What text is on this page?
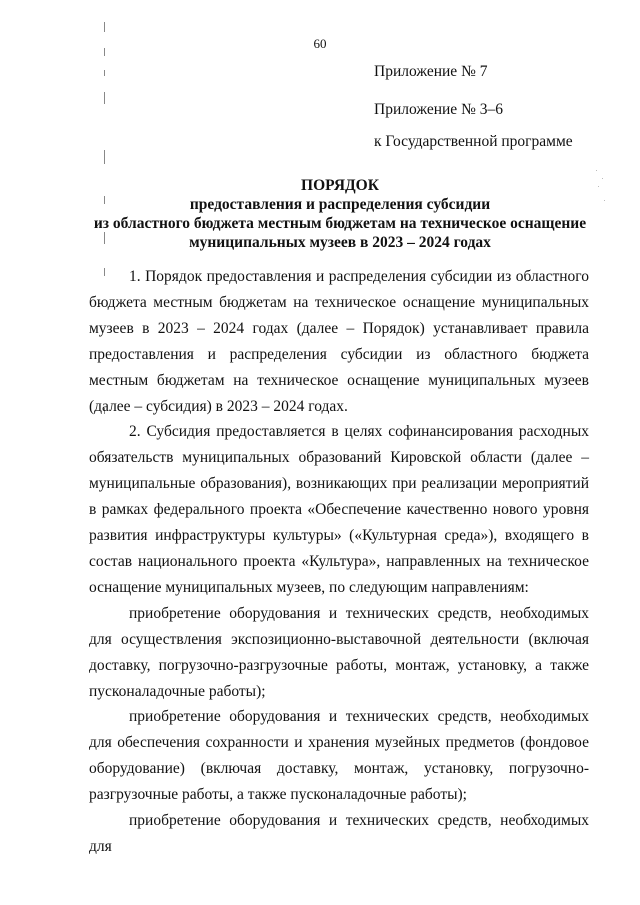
60
Приложение № 7
Приложение № 3–6
к Государственной программе
ПОРЯДОК
предоставления и распределения субсидии
из областного бюджета местным бюджетам на техническое оснащение
муниципальных музеев в 2023 – 2024 годах

1. Порядок предоставления и распределения субсидии из областного бюджета местным бюджетам на техническое оснащение муниципальных музеев в 2023 – 2024 годах (далее – Порядок) устанавливает правила предоставления и распределения субсидии из областного бюджета местным бюджетам на техническое оснащение муниципальных музеев (далее – субсидия) в 2023 – 2024 годах.

2. Субсидия предоставляется в целях софинансирования расходных обязательств муниципальных образований Кировской области (далее – муниципальные образования), возникающих при реализации мероприятий в рамках федерального проекта «Обеспечение качественно нового уровня развития инфраструктуры культуры» («Культурная среда»), входящего в состав национального проекта «Культура», направленных на техническое оснащение муниципальных музеев, по следующим направлениям:

приобретение оборудования и технических средств, необходимых для осуществления экспозиционно-выставочной деятельности (включая доставку, погрузочно-разгрузочные работы, монтаж, установку, а также пусконаладочные работы);

приобретение оборудования и технических средств, необходимых для обеспечения сохранности и хранения музейных предметов (фондовое оборудование) (включая доставку, монтаж, установку, погрузочно-разгрузочные работы, а также пусконаладочные работы);

приобретение оборудования и технических средств, необходимых для
